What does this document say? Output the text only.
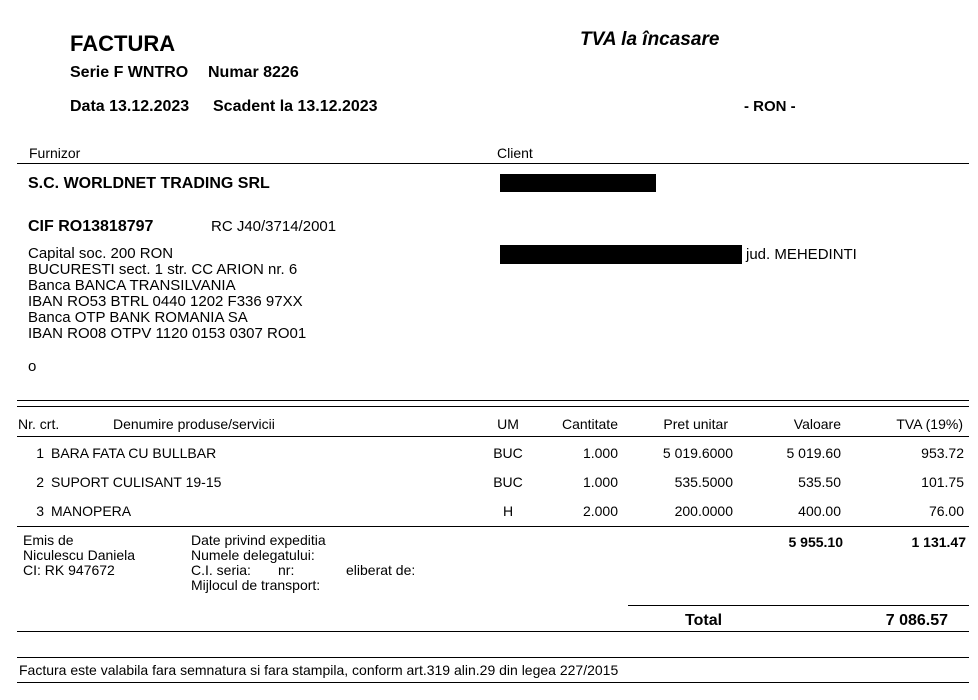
FACTURA
Serie F WNTRO Numar 8226
Data 13.12.2023 Scadent la 13.12.2023
TVA la încasare
- RON -
Furnizor	Client
S.C. WORLDNET TRADING SRL
CIF RO13818797	RC J40/3714/2001
Capital soc. 200 RON
BUCURESTI sect. 1 str. CC ARION nr. 6
Banca BANCA TRANSILVANIA
IBAN RO53 BTRL 0440 1202 F336 97XX
Banca OTP BANK ROMANIA SA
IBAN RO08 OTPV 1120 0153 0307 RO01
o
jud. MEHEDINTI
Nr. crt.	Denumire produse/servicii	UM	Cantitate	Pret unitar	Valoare	TVA (19%)
1 BARA FATA CU BULLBAR	BUC	1.000	5 019.6000	5 019.60	953.72
2 SUPORT CULISANT 19-15	BUC	1.000	535.5000	535.50	101.75
3 MANOPERA	H	2.000	200.0000	400.00	76.00
Emis de
Niculescu Daniela
CI: RK 947672
Date privind expeditia
Numele delegatului:
C.I. seria: nr:	eliberat de:
Mijlocul de transport:
5 955.10	1 131.47
Total	7 086.57
Factura este valabila fara semnatura si fara stampila, conform art.319 alin.29 din legea 227/2015
